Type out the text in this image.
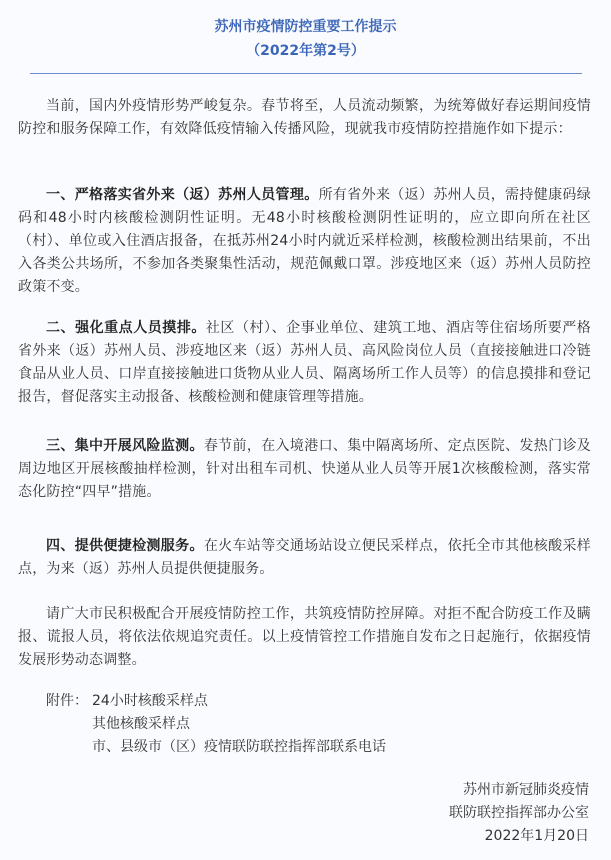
苏州市疫情防控重要工作提示
（2022年第2号）

当前，国内外疫情形势严峻复杂。春节将至，人员流动频繁，为统筹做好春运期间疫情防控和服务保障工作，有效降低疫情输入传播风险，现就我市疫情防控措施作如下提示：

一、严格落实省外来（返）苏州人员管理。所有省外来（返）苏州人员，需持健康码绿码和48小时内核酸检测阴性证明。无48小时核酸检测阴性证明的，应立即向所在社区（村）、单位或入住酒店报备，在抵苏州24小时内就近采样检测，核酸检测出结果前，不出入各类公共场所，不参加各类聚集性活动，规范佩戴口罩。涉疫地区来（返）苏州人员防控政策不变。

二、强化重点人员摸排。社区（村）、企事业单位、建筑工地、酒店等住宿场所要严格省外来（返）苏州人员、涉疫地区来（返）苏州人员、高风险岗位人员（直接接触进口冷链食品从业人员、口岸直接接触进口货物从业人员、隔离场所工作人员等）的信息摸排和登记报告，督促落实主动报备、核酸检测和健康管理等措施。

三、集中开展风险监测。春节前，在入境港口、集中隔离场所、定点医院、发热门诊及周边地区开展核酸抽样检测，针对出租车司机、快递从业人员等开展1次核酸检测，落实常态化防控“四早”措施。

四、提供便捷检测服务。在火车站等交通场站设立便民采样点，依托全市其他核酸采样点，为来（返）苏州人员提供便捷服务。

请广大市民积极配合开展疫情防控工作，共筑疫情防控屏障。对拒不配合防疫工作及瞒报、谎报人员，将依法依规追究责任。以上疫情管控工作措施自发布之日起施行，依据疫情发展形势动态调整。

附件： 24小时核酸采样点
其他核酸采样点
市、县级市（区）疫情联防联控指挥部联系电话
苏州市新冠肺炎疫情
联防联控指挥部办公室
2022年1月20日
